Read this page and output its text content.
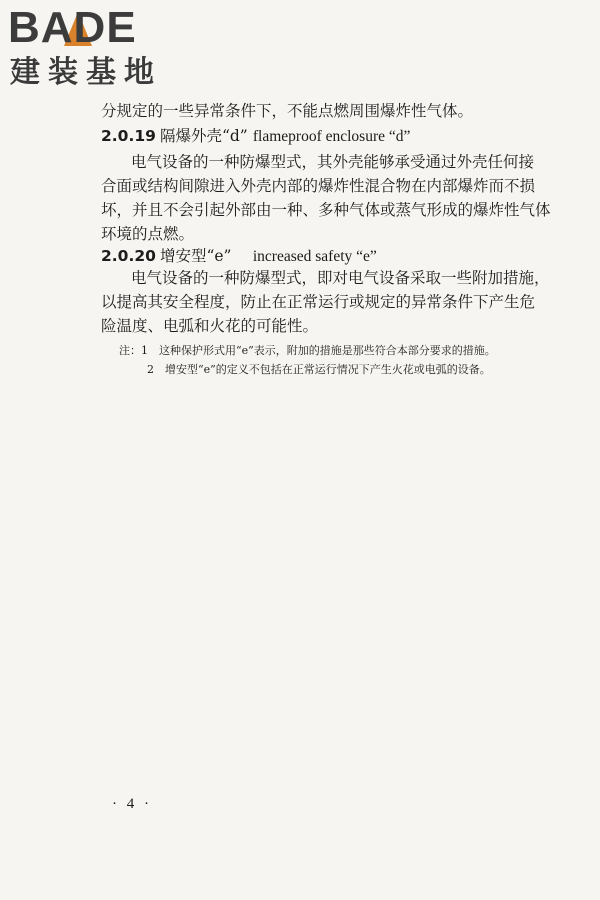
BADE
建装基地
分规定的一些异常条件下，不能点燃周围爆炸性气体。
2.0.19 隔爆外壳“d” flameproof enclosure “d”
电气设备的一种防爆型式，其外壳能够承受通过外壳任何接
合面或结构间隙进入外壳内部的爆炸性混合物在内部爆炸而不损
坏，并且不会引起外部由一种、多种气体或蒸气形成的爆炸性气体
环境的点燃。
2.0.20 增安型“e” increased safety “e”
电气设备的一种防爆型式，即对电气设备采取一些附加措施，
以提高其安全程度，防止在正常运行或规定的异常条件下产生危
险温度、电弧和火花的可能性。
注：1　这种保护形式用“e”表示，附加的措施是那些符合本部分要求的措施。
2　增安型“e”的定义不包括在正常运行情况下产生火花或电弧的设备。
· 4 ·
